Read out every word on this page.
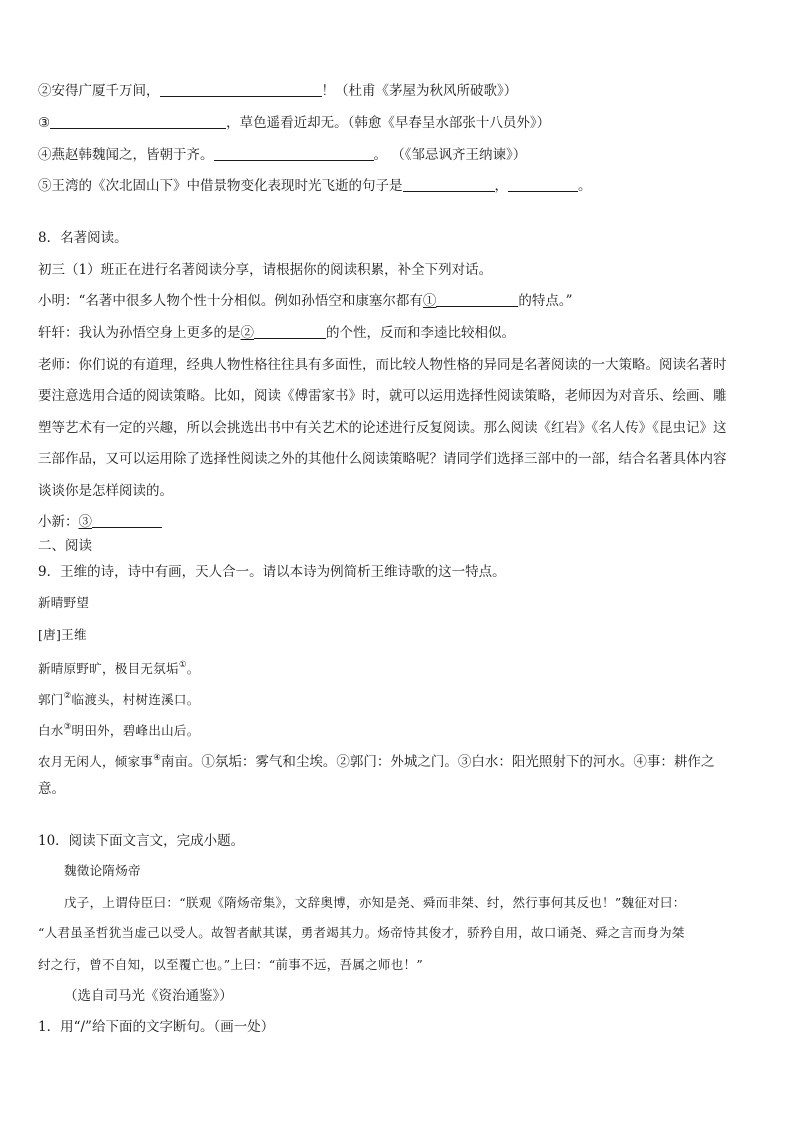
②安得广厦千万间，	！（杜甫《茅屋为秋风所破歌》）
③	，草色遥看近却无。（韩愈《早春呈水部张十八员外》）
④燕赵韩魏闻之，皆朝于齐。	。 （《邹忌讽齐王纳谏》）
⑤王湾的《次北固山下》中借景物变化表现时光飞逝的句子是	，	。
8．名著阅读。
初三（1）班正在进行名著阅读分享，请根据你的阅读积累，补全下列对话。
小明：“名著中很多人物个性十分相似。例如孙悟空和康塞尔都有①	的特点。”
轩轩：我认为孙悟空身上更多的是②	的个性，反而和李逵比较相似。
老师：你们说的有道理，经典人物性格往往具有多面性，而比较人物性格的异同是名著阅读的一大策略。阅读名著时
要注意选用合适的阅读策略。比如，阅读《傅雷家书》时，就可以运用选择性阅读策略，老师因为对音乐、绘画、雕
塑等艺术有一定的兴趣，所以会挑选出书中有关艺术的论述进行反复阅读。那么阅读《红岩》《名人传》《昆虫记》这
三部作品，又可以运用除了选择性阅读之外的其他什么阅读策略呢？请同学们选择三部中的一部，结合名著具体内容
谈谈你是怎样阅读的。
小新：③
二、阅读
9．王维的诗，诗中有画，天人合一。请以本诗为例简析王维诗歌的这一特点。
新晴野望
[唐]王维
新晴原野旷，极目无氛垢①。
郭门②临渡头，村树连溪口。
白水③明田外，碧峰出山后。
农月无闲人，倾家事④南亩。①氛垢：雾气和尘埃。②郭门：外城之门。③白水：阳光照射下的河水。④事：耕作之
意。
10．阅读下面文言文，完成小题。
魏徵论隋炀帝
戊子，上谓侍臣曰：“朕观《隋炀帝集》，文辞奥博，亦知是尧、舜而非桀、纣，然行事何其反也！”魏征对曰：
“人君虽圣哲犹当虚己以受人。故智者献其谋，勇者竭其力。炀帝恃其俊才，骄矜自用，故口诵尧、舜之言而身为桀
纣之行，曾不自知，以至覆亡也。”上曰：“前事不远，吾属之师也！”
（选自司马光《资治通鉴》）
1．用“/”给下面的文字断句。（画一处）
